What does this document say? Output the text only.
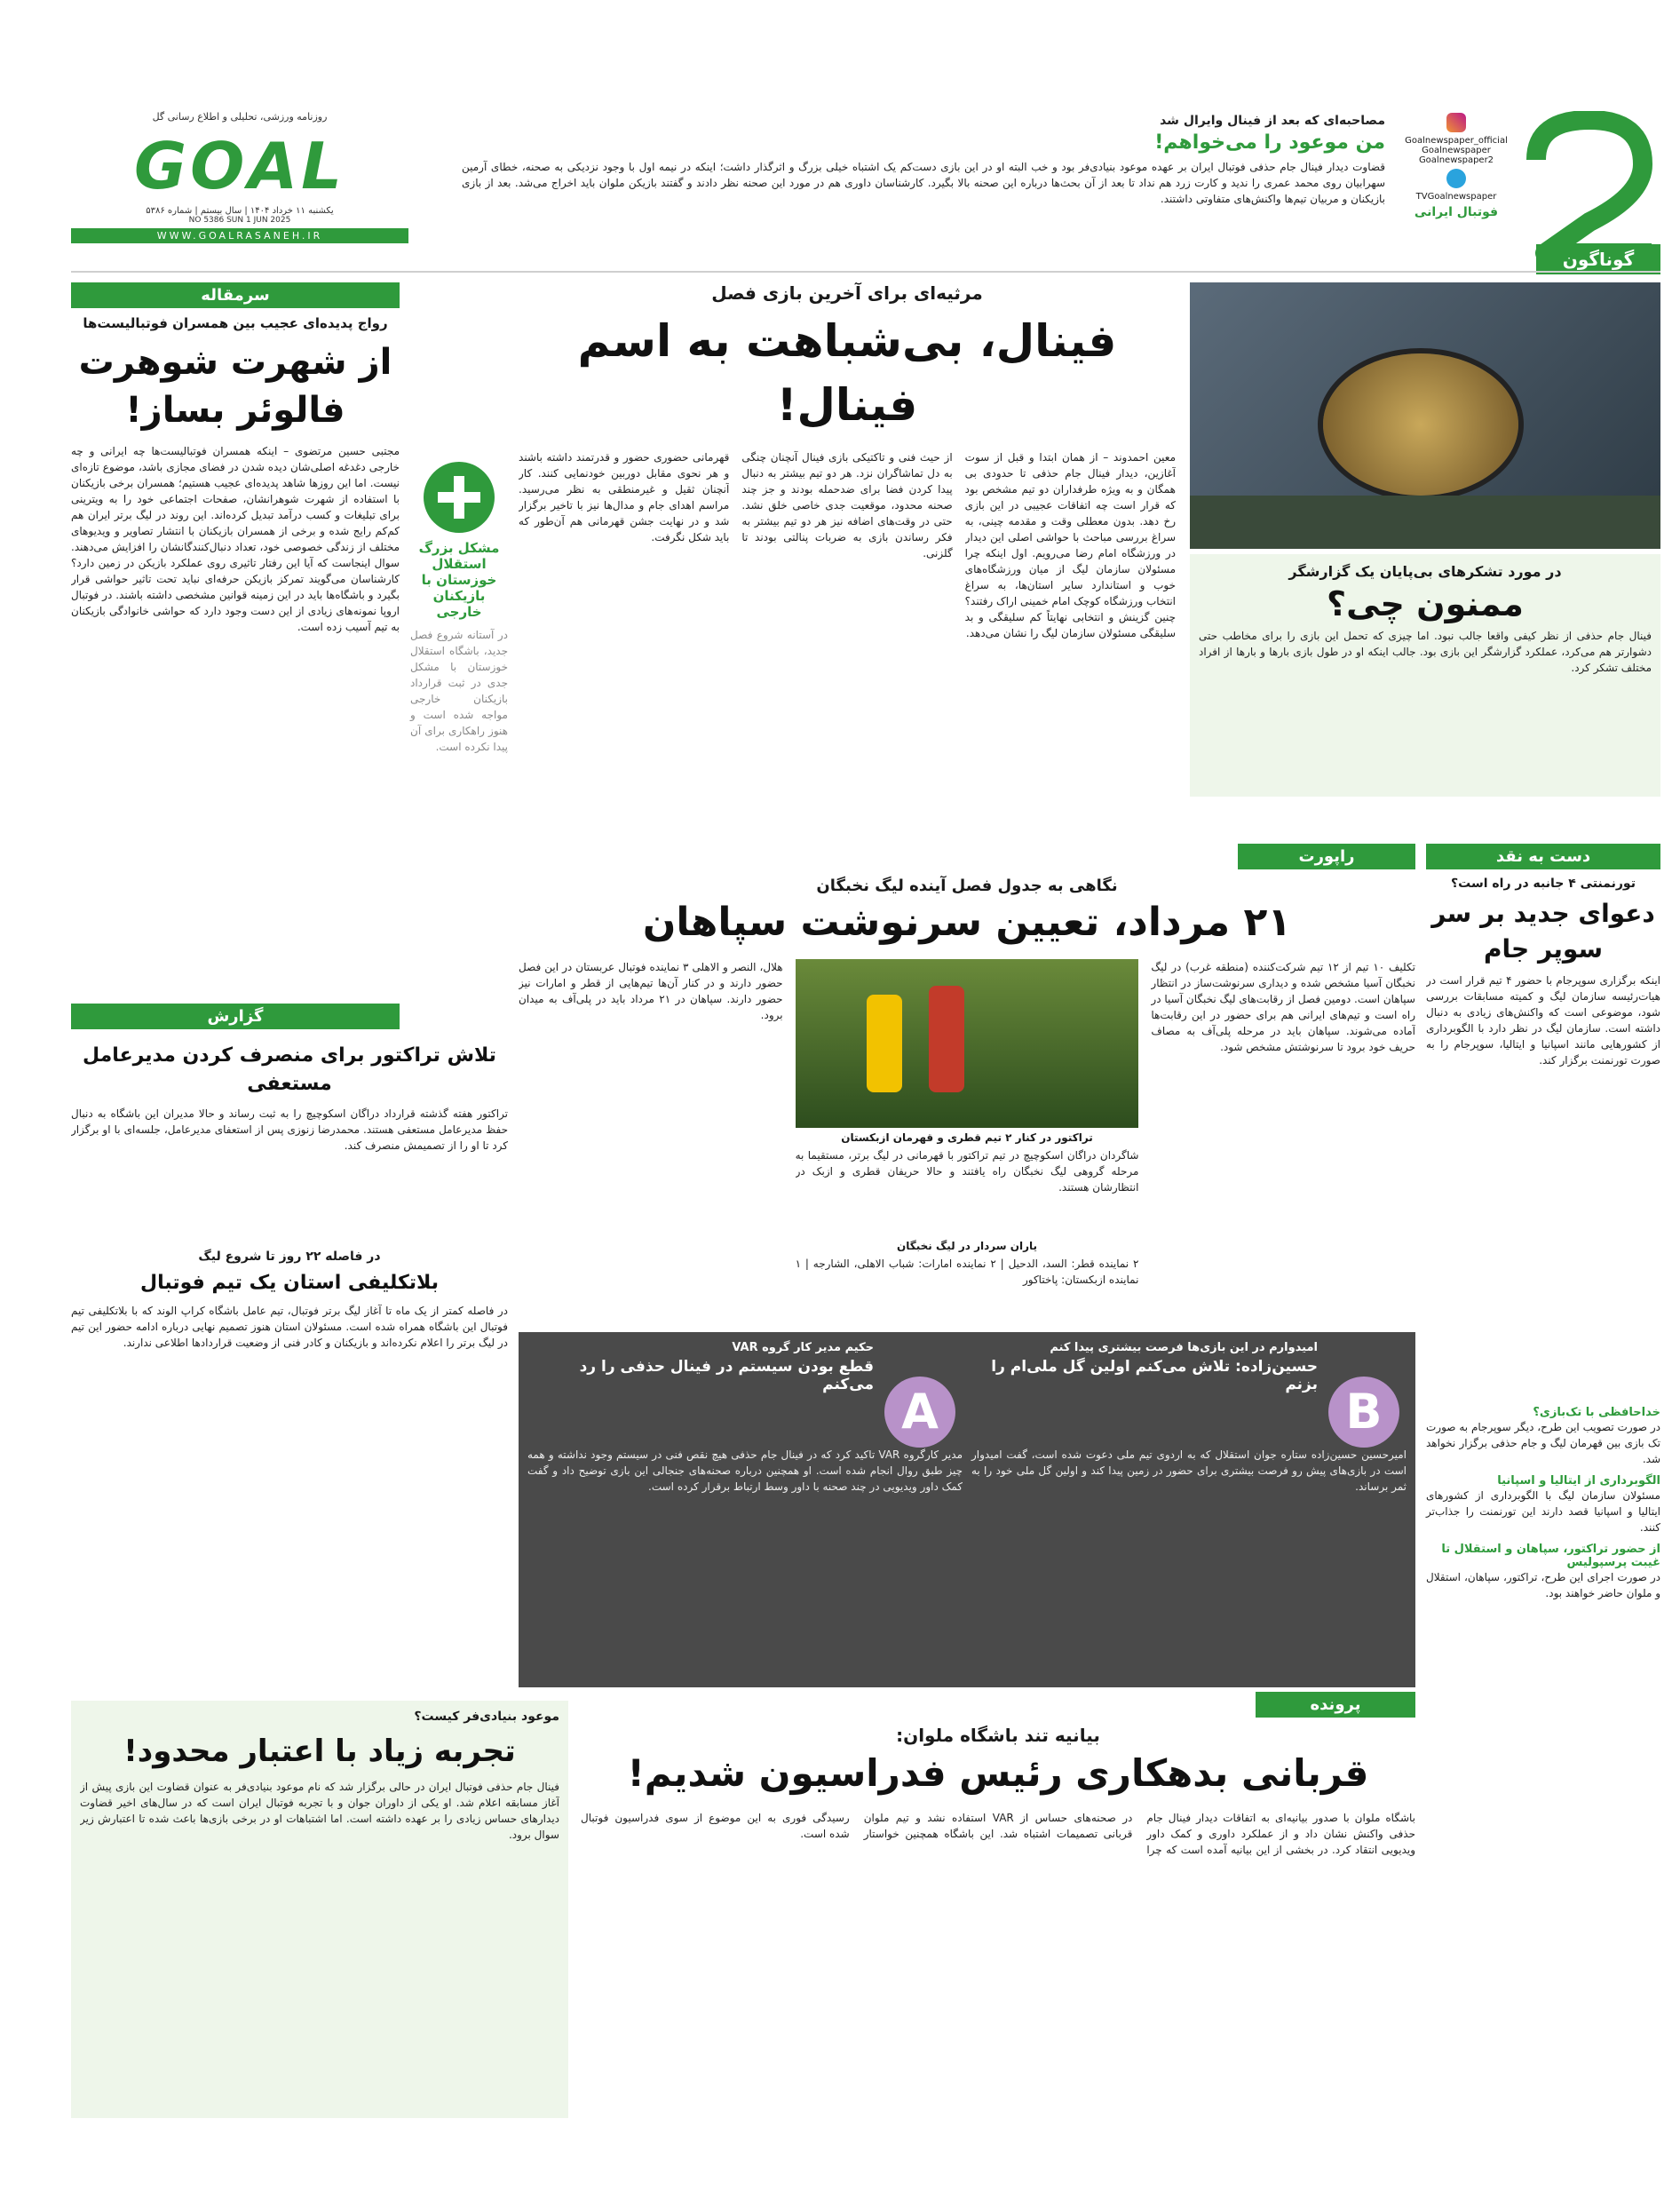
گوناگون
Goalnewspaper_official
Goalnewspaper
Goalnewspaper2
TVGoalnewspaper
فوتبال ایرانی
روزنامه ورزشی، تحلیلی و اطلاع رسانی گل
GOAL
یکشنبه ۱۱ خرداد ۱۴۰۴ | سال بیستم | شماره ۵۳۸۶
NO 5386 SUN 1 JUN 2025
WWW.GOALRASANEH.IR
مصاحبه‌ای که بعد از فینال وایرال شد
من موعود را می‌خواهم!
قضاوت دیدار فینال جام حذفی فوتبال ایران بر عهده موعود بنیادی‌فر بود و خب البته او در این بازی دست‌کم یک اشتباه خیلی بزرگ و اثرگذار داشت؛ اینکه در نیمه اول با وجود نزدیکی به صحنه، خطای آرمین سهرابیان روی محمد عمری را ندید و کارت زرد هم نداد تا بعد از آن بحث‌ها درباره این صحنه بالا بگیرد. کارشناسان داوری هم در مورد این صحنه نظر دادند و گفتند بازیکن ملوان باید اخراج می‌شد. بعد از بازی بازیکنان و مربیان تیم‌ها واکنش‌های متفاوتی داشتند.
سرمقاله
رواج پدیده‌ای عجیب بین همسران فوتبالیست‌ها
از شهرت شوهرت فالوئر بساز!
مجتبی حسین مرتضوی – اینکه همسران فوتبالیست‌ها چه ایرانی و چه خارجی دغدغه اصلی‌شان دیده شدن در فضای مجازی باشد، موضوع تازه‌ای نیست. اما این روزها شاهد پدیده‌ای عجیب هستیم؛ همسران برخی بازیکنان با استفاده از شهرت شوهرانشان، صفحات اجتماعی خود را به ویترینی برای تبلیغات و کسب درآمد تبدیل کرده‌اند. این روند در لیگ برتر ایران هم کم‌کم رایج شده و برخی از همسران بازیکنان با انتشار تصاویر و ویدیوهای مختلف از زندگی خصوصی خود، تعداد دنبال‌کنندگانشان را افزایش می‌دهند. سوال اینجاست که آیا این رفتار تاثیری روی عملکرد بازیکن در زمین دارد؟ کارشناسان می‌گویند تمرکز بازیکن حرفه‌ای نباید تحت تاثیر حواشی قرار بگیرد و باشگاه‌ها باید در این زمینه قوانین مشخصی داشته باشند. در فوتبال اروپا نمونه‌های زیادی از این دست وجود دارد که حواشی خانوادگی بازیکنان به تیم آسیب زده است.
مشکل بزرگ استقلال خوزستان با بازیکنان خارجی
در آستانه شروع فصل جدید، باشگاه استقلال خوزستان با مشکل جدی در ثبت قرارداد بازیکنان خارجی مواجه شده است و هنوز راهکاری برای آن پیدا نکرده است.
گزارش
تلاش تراکتور برای منصرف کردن مدیرعامل مستعفی
تراکتور هفته گذشته قرارداد دراگان اسکوچیچ را به ثبت رساند و حالا مدیران این باشگاه به دنبال حفظ مدیرعامل مستعفی هستند. محمدرضا زنوزی پس از استعفای مدیرعامل، جلسه‌ای با او برگزار کرد تا او را از تصمیمش منصرف کند.
در فاصله ۲۲ روز تا شروع لیگ
بلاتکلیفی استان یک تیم فوتبال
در فاصله کمتر از یک ماه تا آغاز لیگ برتر فوتبال، تیم عامل باشگاه کراپ الوند که با بلاتکلیفی تیم فوتبال این باشگاه همراه شده است. مسئولان استان هنوز تصمیم نهایی درباره ادامه حضور این تیم در لیگ برتر را اعلام نکرده‌اند و بازیکنان و کادر فنی از وضعیت قراردادها اطلاعی ندارند.
مرثیه‌ای برای آخرین بازی فصل
فینال، بی‌شباهت به اسم فینال!
معین احمدوند – از همان ابتدا و قبل از سوت آغازین، دیدار فینال جام حذفی تا حدودی بی همگان و به ویژه طرفداران دو تیم مشخص بود که قرار است چه اتفاقات عجیبی در این بازی رخ دهد. بدون معطلی وقت و مقدمه چینی، به سراغ بررسی مباحث با حواشی اصلی این دیدار در ورزشگاه امام رضا می‌رویم. اول اینکه چرا مسئولان سازمان لیگ از میان ورزشگاه‌های خوب و استاندارد سایر استان‌ها، به سراغ انتخاب ورزشگاه کوچک امام خمینی اراک رفتند؟ چنین گزینش و انتخابی نهایتاً کم سلیقگی و بد سلیقگی مسئولان سازمان لیگ را نشان می‌دهد.
از حیث فنی و تاکتیکی بازی فینال آنچنان چنگی به دل تماشاگران نزد. هر دو تیم بیشتر به دنبال پیدا کردن فضا برای ضدحمله بودند و جز چند صحنه محدود، موقعیت جدی خاصی خلق نشد. حتی در وقت‌های اضافه نیز هر دو تیم بیشتر به فکر رساندن بازی به ضربات پنالتی بودند تا گلزنی.
قهرمانی حضوری حضور و قدرتمند داشته باشند و هر نحوی مقابل دوربین خودنمایی کنند. کار آنچنان ثقیل و غیرمنطقی به نظر می‌رسید. مراسم اهدای جام و مدال‌ها نیز با تاخیر برگزار شد و در نهایت جشن قهرمانی هم آن‌طور که باید شکل نگرفت.
در مورد تشکرهای بی‌پایان یک گزارشگر
ممنون چی؟
فینال جام حذفی از نظر کیفی واقعا جالب نبود. اما چیزی که تحمل این بازی را برای مخاطب حتی دشوارتر هم می‌کرد، عملکرد گزارشگر این بازی بود. جالب اینکه او در طول بازی بارها و بارها از افراد مختلف تشکر کرد.
راپورت
نگاهی به جدول فصل آینده لیگ نخبگان
۲۱ مرداد، تعیین سرنوشت سپاهان
تکلیف ۱۰ تیم از ۱۲ تیم شرکت‌کننده (منطقه غرب) در لیگ نخبگان آسیا مشخص شده و دیداری سرنوشت‌ساز در انتظار سپاهان است. دومین فصل از رقابت‌های لیگ نخبگان آسیا در راه است و تیم‌های ایرانی هم برای حضور در این رقابت‌ها آماده می‌شوند. سپاهان باید در مرحله پلی‌آف به مصاف حریف خود برود تا سرنوشتش مشخص شود.
تراکتور در کنار ۲ تیم قطری و قهرمان ازبکستان
شاگردان دراگان اسکوچیچ در تیم تراکتور با قهرمانی در لیگ برتر، مستقیما به مرحله گروهی لیگ نخبگان راه یافتند و حالا حریفان قطری و ازبک در انتظارشان هستند.
یاران سردار در لیگ نخبگان
۲ نماینده قطر: السد، الدحیل | ۲ نماینده امارات: شباب الاهلی، الشارجه | ۱ نماینده ازبکستان: پاختاکور
هلال، النصر و الاهلی ۳ نماینده فوتبال عربستان در این فصل حضور دارند و در کنار آن‌ها تیم‌هایی از قطر و امارات نیز حضور دارند. سپاهان در ۲۱ مرداد باید در پلی‌آف به میدان برود.
B
امیدوارم در این بازی‌ها فرصت بیشتری پیدا کنم
حسین‌زاده: تلاش می‌کنم اولین گل ملی‌ام را بزنم
امیرحسین حسین‌زاده ستاره جوان استقلال که به اردوی تیم ملی دعوت شده است، گفت امیدوار است در بازی‌های پیش رو فرصت بیشتری برای حضور در زمین پیدا کند و اولین گل ملی خود را به ثمر برساند.
A
حکیم مدیر کار گروه VAR
قطع بودن سیستم در فینال حذفی را رد می‌کنم
مدیر کارگروه VAR تاکید کرد که در فینال جام حذفی هیچ نقص فنی در سیستم وجود نداشته و همه چیز طبق روال انجام شده است. او همچنین درباره صحنه‌های جنجالی این بازی توضیح داد و گفت کمک داور ویدیویی در چند صحنه با داور وسط ارتباط برقرار کرده است.
دست به نقد
تورنمنتی ۴ جانبه در راه است؟
دعوای جدید بر سر سوپر جام
اینکه برگزاری سوپرجام با حضور ۴ تیم قرار است در هیات‌رئیسه سازمان لیگ و کمیته مسابقات بررسی شود، موضوعی است که واکنش‌های زیادی به دنبال داشته است. سازمان لیگ در نظر دارد با الگوبرداری از کشورهایی مانند اسپانیا و ایتالیا، سوپرجام را به صورت تورنمنت برگزار کند.
خداحافظی با تک‌بازی؟
در صورت تصویب این طرح، دیگر سوپرجام به صورت تک بازی بین قهرمان لیگ و جام حذفی برگزار نخواهد شد.
الگوبرداری از ایتالیا و اسپانیا
مسئولان سازمان لیگ با الگوبرداری از کشورهای ایتالیا و اسپانیا قصد دارند این تورنمنت را جذاب‌تر کنند.
از حضور تراکتور، سپاهان و استقلال تا غیبت پرسپولیس
در صورت اجرای این طرح، تراکتور، سپاهان، استقلال و ملوان حاضر خواهند بود.
موعود بنیادی‌فر کیست؟
تجربه زیاد با اعتبار محدود!
فینال جام حذفی فوتبال ایران در حالی برگزار شد که نام موعود بنیادی‌فر به عنوان قضاوت این بازی پیش از آغاز مسابقه اعلام شد. او یکی از داوران جوان و با تجربه فوتبال ایران است که در سال‌های اخیر قضاوت دیدارهای حساس زیادی را بر عهده داشته است. اما اشتباهات او در برخی بازی‌ها باعث شده تا اعتبارش زیر سوال برود.
پرونده
بیانیه تند باشگاه ملوان:
قربانی بدهکاری رئیس فدراسیون شدیم!
باشگاه ملوان با صدور بیانیه‌ای به اتفاقات دیدار فینال جام حذفی واکنش نشان داد و از عملکرد داوری و کمک داور ویدیویی انتقاد کرد. در بخشی از این بیانیه آمده است که چرا در صحنه‌های حساس از VAR استفاده نشد و تیم ملوان قربانی تصمیمات اشتباه شد. این باشگاه همچنین خواستار رسیدگی فوری به این موضوع از سوی فدراسیون فوتبال شده است.
